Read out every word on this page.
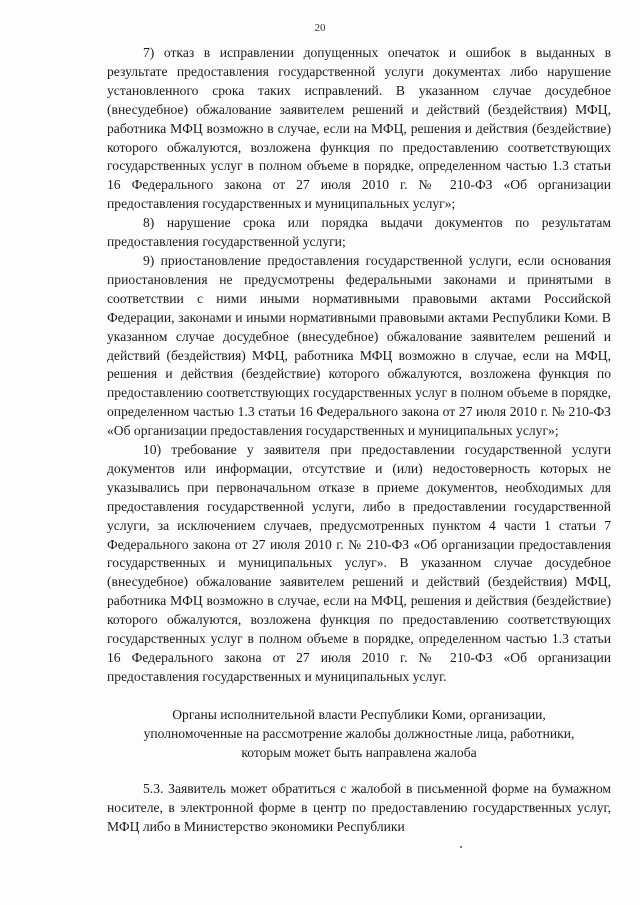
20

7) отказ в исправлении допущенных опечаток и ошибок в выданных в результате предоставления государственной услуги документах либо нарушение установленного срока таких исправлений. В указанном случае досудебное (внесудебное) обжалование заявителем решений и действий (бездействия) МФЦ, работника МФЦ возможно в случае, если на МФЦ, решения и действия (бездействие) которого обжалуются, возложена функция по предоставлению соответствующих государственных услуг в полном объеме в порядке, определенном частью 1.3 статьи 16 Федерального закона от 27 июля 2010 г. № 210-ФЗ «Об организации предоставления государственных и муниципальных услуг»;

8) нарушение срока или порядка выдачи документов по результатам предоставления государственной услуги;

9) приостановление предоставления государственной услуги, если основания приостановления не предусмотрены федеральными законами и принятыми в соответствии с ними иными нормативными правовыми актами Российской Федерации, законами и иными нормативными правовыми актами Республики Коми. В указанном случае досудебное (внесудебное) обжалование заявителем решений и действий (бездействия) МФЦ, работника МФЦ возможно в случае, если на МФЦ, решения и действия (бездействие) которого обжалуются, возложена функция по предоставлению соответствующих государственных услуг в полном объеме в порядке, определенном частью 1.3 статьи 16 Федерального закона от 27 июля 2010 г. № 210-ФЗ «Об организации предоставления государственных и муниципальных услуг»;

10) требование у заявителя при предоставлении государственной услуги документов или информации, отсутствие и (или) недостоверность которых не указывались при первоначальном отказе в приеме документов, необходимых для предоставления государственной услуги, либо в предоставлении государственной услуги, за исключением случаев, предусмотренных пунктом 4 части 1 статьи 7 Федерального закона от 27 июля 2010 г. № 210-ФЗ «Об организации предоставления государственных и муниципальных услуг». В указанном случае досудебное (внесудебное) обжалование заявителем решений и действий (бездействия) МФЦ, работника МФЦ возможно в случае, если на МФЦ, решения и действия (бездействие) которого обжалуются, возложена функция по предоставлению соответствующих государственных услуг в полном объеме в порядке, определенном частью 1.3 статьи 16 Федерального закона от 27 июля 2010 г. № 210-ФЗ «Об организации предоставления государственных и муниципальных услуг.

Органы исполнительной власти Республики Коми, организации,
уполномоченные на рассмотрение жалобы должностные лица, работники,
которым может быть направлена жалоба

5.3. Заявитель может обратиться с жалобой в письменной форме на бумажном носителе, в электронной форме в центр по предоставлению государственных услуг, МФЦ либо в Министерство экономики Республики
